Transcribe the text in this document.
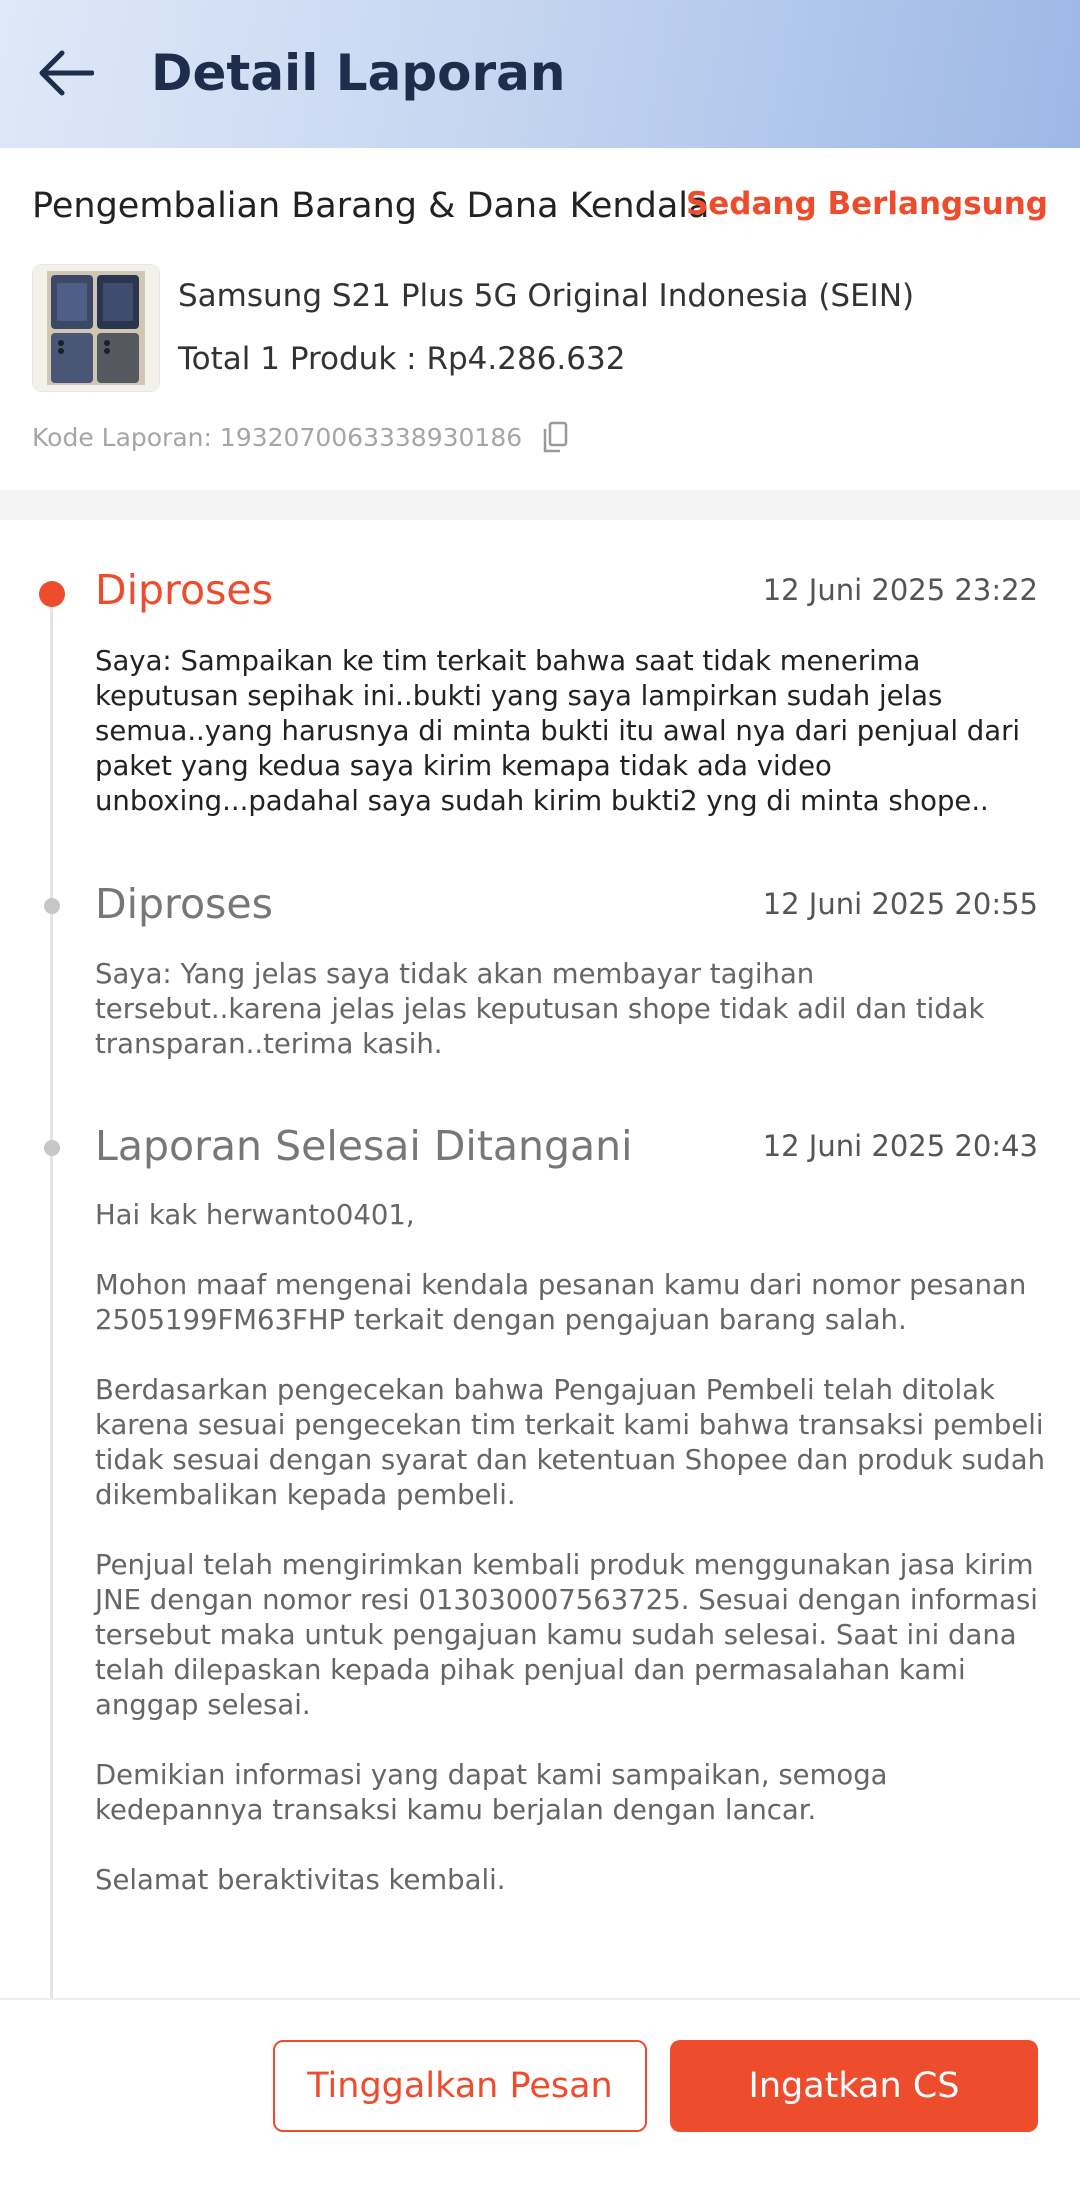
Detail Laporan
Pengembalian Barang & Dana Kendala
Sedang Berlangsung
Samsung S21 Plus 5G Original Indonesia (SEIN)
Total 1 Produk : Rp4.286.632
Kode Laporan: 1932070063338930186
Diproses	12 Juni 2025 23:22

Saya: Sampaikan ke tim terkait bahwa saat tidak menerima keputusan sepihak ini..bukti yang saya lampirkan sudah jelas semua..yang harusnya di minta bukti itu awal nya dari penjual dari paket yang kedua saya kirim kemapa tidak ada video unboxing...padahal saya sudah kirim bukti2 yng di minta shope..

Diproses	12 Juni 2025 20:55

Saya: Yang jelas saya tidak akan membayar tagihan tersebut..karena jelas jelas keputusan shope tidak adil dan tidak transparan..terima kasih.

Laporan Selesai Ditangani	12 Juni 2025 20:43

Hai kak herwanto0401,

Mohon maaf mengenai kendala pesanan kamu dari nomor pesanan 2505199FM63FHP terkait dengan pengajuan barang salah.

Berdasarkan pengecekan bahwa Pengajuan Pembeli telah ditolak karena sesuai pengecekan tim terkait kami bahwa transaksi pembeli tidak sesuai dengan syarat dan ketentuan Shopee dan produk sudah dikembalikan kepada pembeli.

Penjual telah mengirimkan kembali produk menggunakan jasa kirim JNE dengan nomor resi 013030007563725. Sesuai dengan informasi tersebut maka untuk pengajuan kamu sudah selesai. Saat ini dana telah dilepaskan kepada pihak penjual dan permasalahan kami anggap selesai.

Demikian informasi yang dapat kami sampaikan, semoga kedepannya transaksi kamu berjalan dengan lancar.

Selamat beraktivitas kembali.

Tinggalkan Pesan	Ingatkan CS
